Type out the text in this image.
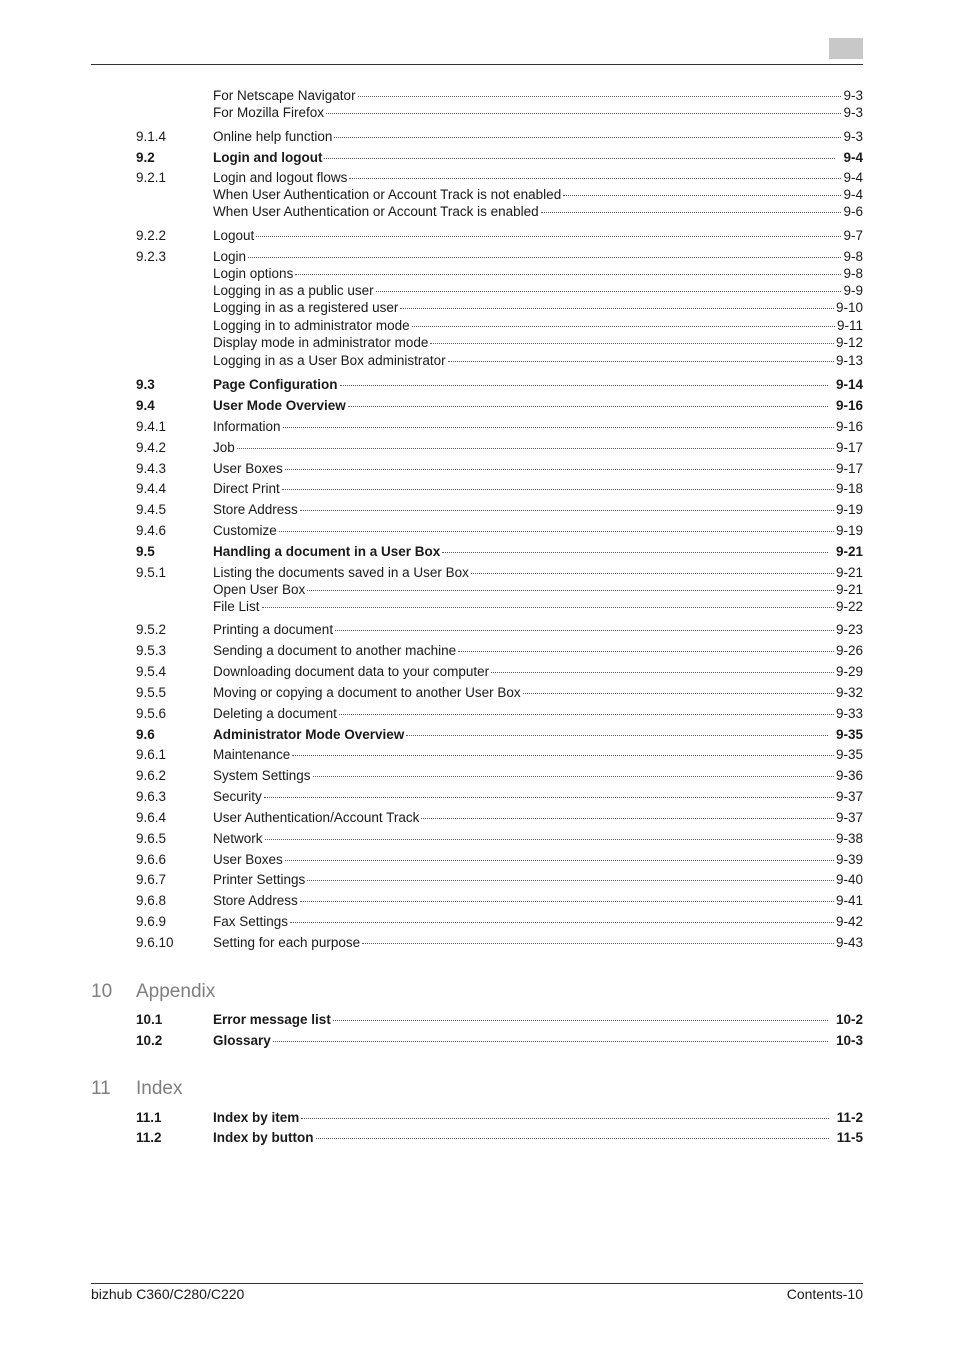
For Netscape Navigator	9-3
For Mozilla Firefox	9-3
9.1.4	Online help function	9-3
9.2	Login and logout	9-4
9.2.1	Login and logout flows	9-4
When User Authentication or Account Track is not enabled	9-4
When User Authentication or Account Track is enabled	9-6
9.2.2	Logout	9-7
9.2.3	Login	9-8
Login options	9-8
Logging in as a public user	9-9
Logging in as a registered user	9-10
Logging in to administrator mode	9-11
Display mode in administrator mode	9-12
Logging in as a User Box administrator	9-13
9.3	Page Configuration	9-14
9.4	User Mode Overview	9-16
9.4.1	Information	9-16
9.4.2	Job	9-17
9.4.3	User Boxes	9-17
9.4.4	Direct Print	9-18
9.4.5	Store Address	9-19
9.4.6	Customize	9-19
9.5	Handling a document in a User Box	9-21
9.5.1	Listing the documents saved in a User Box	9-21
Open User Box	9-21
File List	9-22
9.5.2	Printing a document	9-23
9.5.3	Sending a document to another machine	9-26
9.5.4	Downloading document data to your computer	9-29
9.5.5	Moving or copying a document to another User Box	9-32
9.5.6	Deleting a document	9-33
9.6	Administrator Mode Overview	9-35
9.6.1	Maintenance	9-35
9.6.2	System Settings	9-36
9.6.3	Security	9-37
9.6.4	User Authentication/Account Track	9-37
9.6.5	Network	9-38
9.6.6	User Boxes	9-39
9.6.7	Printer Settings	9-40
9.6.8	Store Address	9-41
9.6.9	Fax Settings	9-42
9.6.10	Setting for each purpose	9-43
10.1	Error message list	10-2
10.2	Glossary	10-3
11.1	Index by item	11-2
11.2	Index by button	11-5
10 Appendix
11 Index
bizhub C360/C280/C220	Contents-10
